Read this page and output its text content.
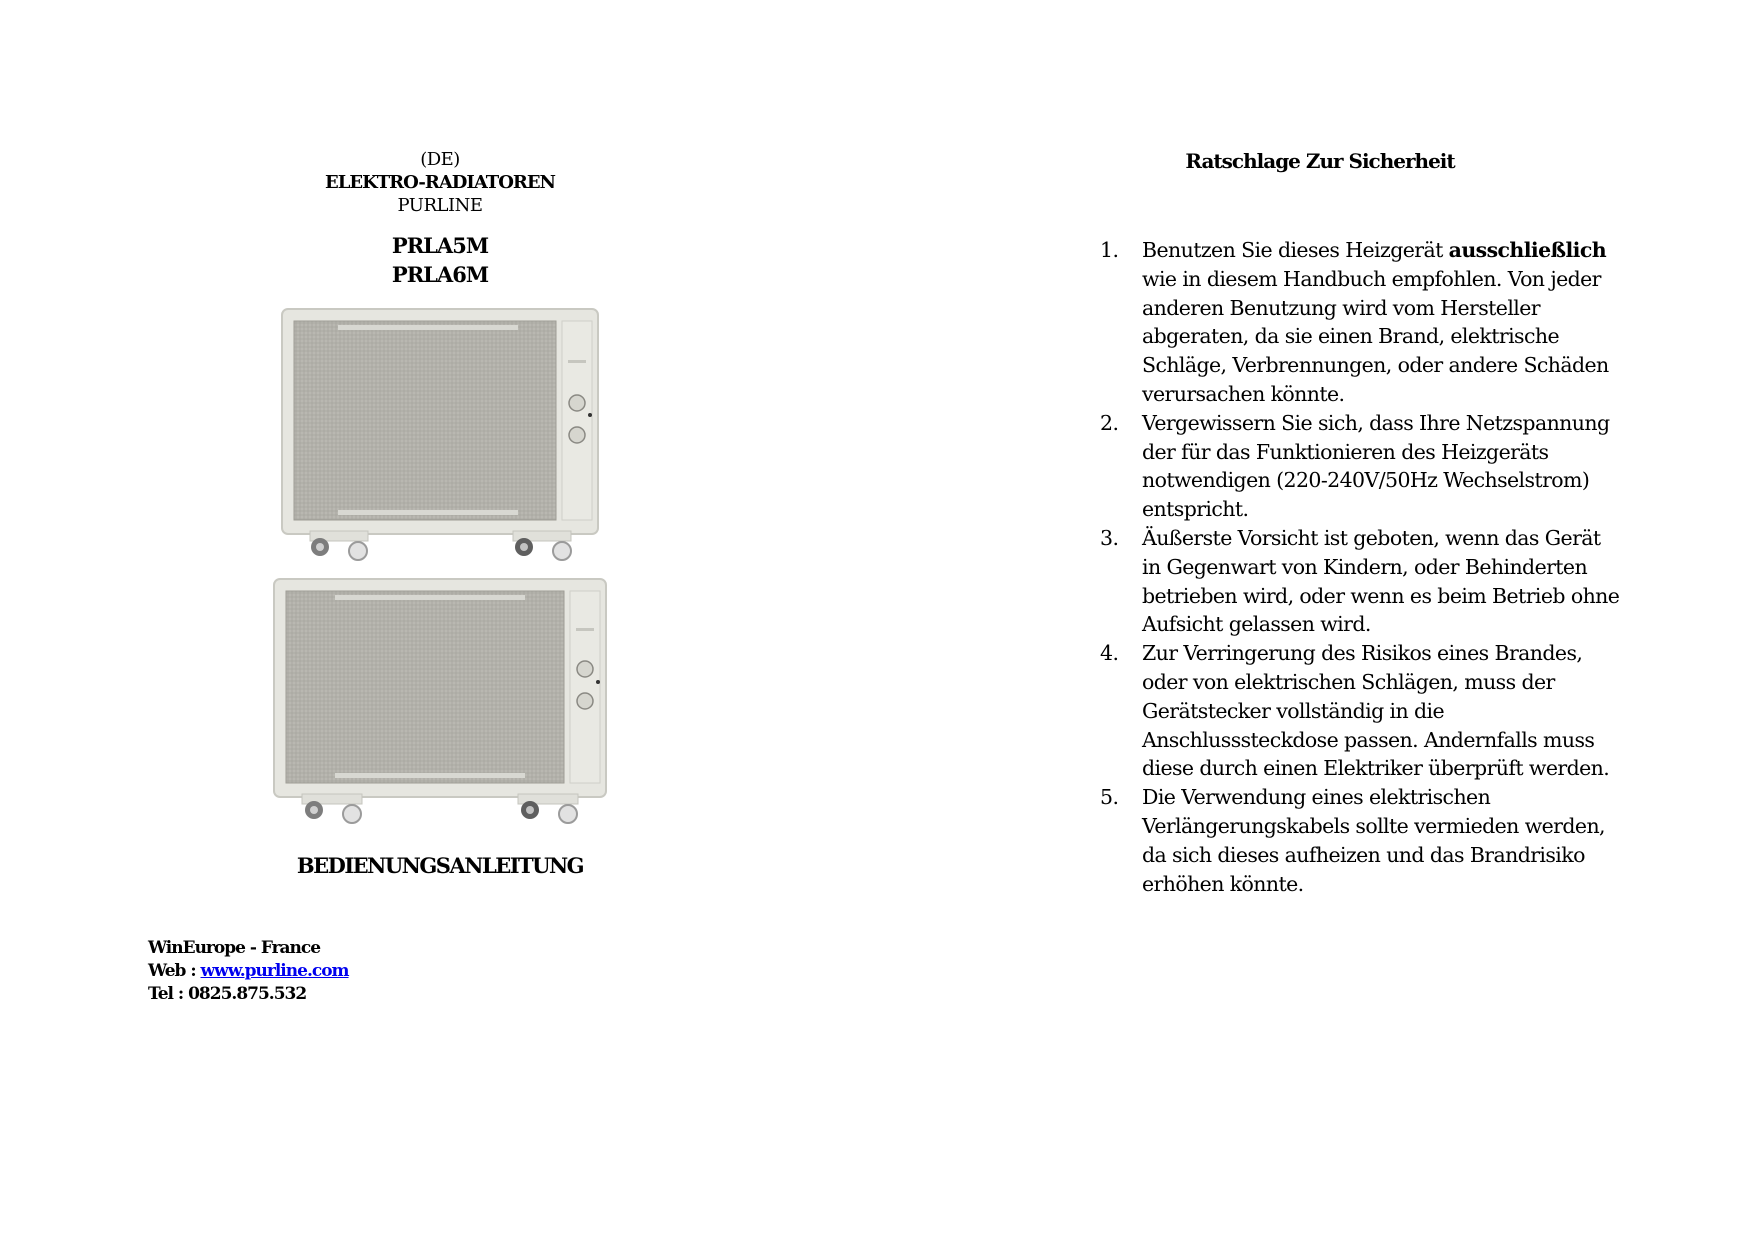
(DE)
ELEKTRO-RADIATOREN
PURLINE
PRLA5M
PRLA6M
BEDIENUNGSANLEITUNG
WinEurope - France
Web : www.purline.com
Tel : 0825.875.532
Ratschlage Zur Sicherheit
1. Benutzen Sie dieses Heizgerät ausschließlich wie in diesem Handbuch empfohlen. Von jeder anderen Benutzung wird vom Hersteller abgeraten, da sie einen Brand, elektrische Schläge, Verbrennungen, oder andere Schäden verursachen könnte.
2. Vergewissern Sie sich, dass Ihre Netzspannung der für das Funktionieren des Heizgeräts notwendigen (220-240V/50Hz Wechselstrom) entspricht.
3. Äußerste Vorsicht ist geboten, wenn das Gerät in Gegenwart von Kindern, oder Behinderten betrieben wird, oder wenn es beim Betrieb ohne Aufsicht gelassen wird.
4. Zur Verringerung des Risikos eines Brandes, oder von elektrischen Schlägen, muss der Gerätstecker vollständig in die Anschlusssteckdose passen. Andernfalls muss diese durch einen Elektriker überprüft werden.
5. Die Verwendung eines elektrischen Verlängerungskabels sollte vermieden werden, da sich dieses aufheizen und das Brandrisiko erhöhen könnte.
